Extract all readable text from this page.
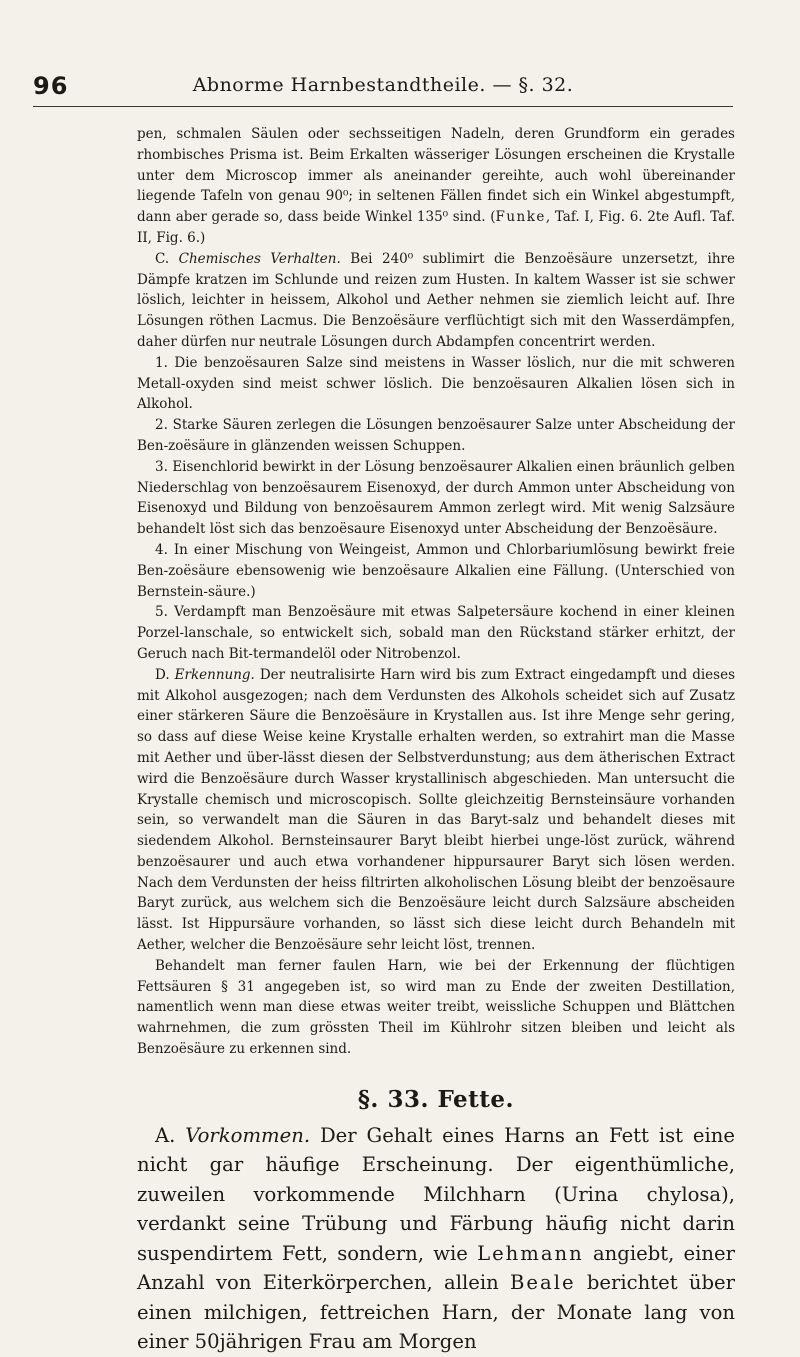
96	Abnorme Harnbestandtheile. — §. 32.

pen, schmalen Säulen oder sechsseitigen Nadeln, deren Grundform ein gerades rhombisches Prisma ist. Beim Erkalten wässeriger Lösungen erscheinen die Krystalle unter dem Microscop immer als aneinander gereihte, auch wohl übereinander liegende Tafeln von genau 90⁰; in seltenen Fällen findet sich ein Winkel abgestumpft, dann aber gerade so, dass beide Winkel 135⁰ sind. (Funke, Taf. I, Fig. 6. 2te Aufl. Taf. II, Fig. 6.)

C. Chemisches Verhalten. Bei 240⁰ sublimirt die Benzoësäure unzersetzt, ihre Dämpfe kratzen im Schlunde und reizen zum Husten. In kaltem Wasser ist sie schwer löslich, leichter in heissem, Alkohol und Aether nehmen sie ziemlich leicht auf. Ihre Lösungen röthen Lacmus. Die Benzoësäure verflüchtigt sich mit den Wasserdämpfen, daher dürfen nur neutrale Lösungen durch Abdampfen concentrirt werden.

1. Die benzoësauren Salze sind meistens in Wasser löslich, nur die mit schweren Metall-oxyden sind meist schwer löslich. Die benzoësauren Alkalien lösen sich in Alkohol.

2. Starke Säuren zerlegen die Lösungen benzoësaurer Salze unter Abscheidung der Ben-zoësäure in glänzenden weissen Schuppen.

3. Eisenchlorid bewirkt in der Lösung benzoësaurer Alkalien einen bräunlich gelben Niederschlag von benzoësaurem Eisenoxyd, der durch Ammon unter Abscheidung von Eisenoxyd und Bildung von benzoësaurem Ammon zerlegt wird. Mit wenig Salzsäure behandelt löst sich das benzoësaure Eisenoxyd unter Abscheidung der Benzoësäure.

4. In einer Mischung von Weingeist, Ammon und Chlorbariumlösung bewirkt freie Ben-zoësäure ebensowenig wie benzoësaure Alkalien eine Fällung. (Unterschied von Bernstein-säure.)

5. Verdampft man Benzoësäure mit etwas Salpetersäure kochend in einer kleinen Porzel-lanschale, so entwickelt sich, sobald man den Rückstand stärker erhitzt, der Geruch nach Bit-termandelöl oder Nitrobenzol.

D. Erkennung. Der neutralisirte Harn wird bis zum Extract eingedampft und dieses mit Alkohol ausgezogen; nach dem Verdunsten des Alkohols scheidet sich auf Zusatz einer stärkeren Säure die Benzoësäure in Krystallen aus. Ist ihre Menge sehr gering, so dass auf diese Weise keine Krystalle erhalten werden, so extrahirt man die Masse mit Aether und über-lässt diesen der Selbstverdunstung; aus dem ätherischen Extract wird die Benzoësäure durch Wasser krystallinisch abgeschieden. Man untersucht die Krystalle chemisch und microscopisch. Sollte gleichzeitig Bernsteinsäure vorhanden sein, so verwandelt man die Säuren in das Baryt-salz und behandelt dieses mit siedendem Alkohol. Bernsteinsaurer Baryt bleibt hierbei unge-löst zurück, während benzoësaurer und auch etwa vorhandener hippursaurer Baryt sich lösen werden. Nach dem Verdunsten der heiss filtrirten alkoholischen Lösung bleibt der benzoësaure Baryt zurück, aus welchem sich die Benzoësäure leicht durch Salzsäure abscheiden lässt. Ist Hippursäure vorhanden, so lässt sich diese leicht durch Behandeln mit Aether, welcher die Benzoësäure sehr leicht löst, trennen.

Behandelt man ferner faulen Harn, wie bei der Erkennung der flüchtigen Fettsäuren § 31 angegeben ist, so wird man zu Ende der zweiten Destillation, namentlich wenn man diese etwas weiter treibt, weissliche Schuppen und Blättchen wahrnehmen, die zum grössten Theil im Kühlrohr sitzen bleiben und leicht als Benzoësäure zu erkennen sind.

§. 33. Fette.

A. Vorkommen. Der Gehalt eines Harns an Fett ist eine nicht gar häufige Erscheinung. Der eigenthümliche, zuweilen vorkommende Milchharn (Urina chylosa), verdankt seine Trübung und Färbung häufig nicht darin suspendirtem Fett, sondern, wie Lehmann angiebt, einer Anzahl von Eiterkörperchen, allein Beale berichtet über einen milchigen, fettreichen Harn, der Monate lang von einer 50jährigen Frau am Morgen
